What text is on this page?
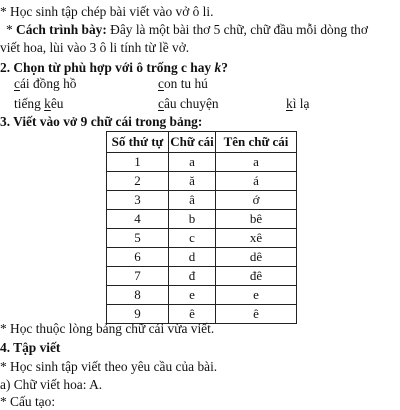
* Học sinh tập chép bài viết vào vở ô li.

* Cách trình bày: Đây là một bài thơ 5 chữ, chữ đầu mỗi dòng thơ

viết hoa, lùi vào 3 ô li tính từ lề vở.

2. Chọn từ phù hợp với ô trống c hay k?

cái đồng hồ	con tu hú

tiếng kêu	câu chuyện	kì lạ

3. Viết vào vở 9 chữ cái trong bảng:

Số thứ tự	Chữ cái	Tên chữ cái
1	a	a
2	ă	á
3	â	ớ
4	b	bê
5	c	xê
6	d	dê
7	đ	đê
8	e	e
9	ê	ê

* Học thuộc lòng bảng chữ cái vừa viết.

4. Tập viết

* Học sinh tập viết theo yêu cầu của bài.

a) Chữ viết hoa: A.

* Cấu tạo:
